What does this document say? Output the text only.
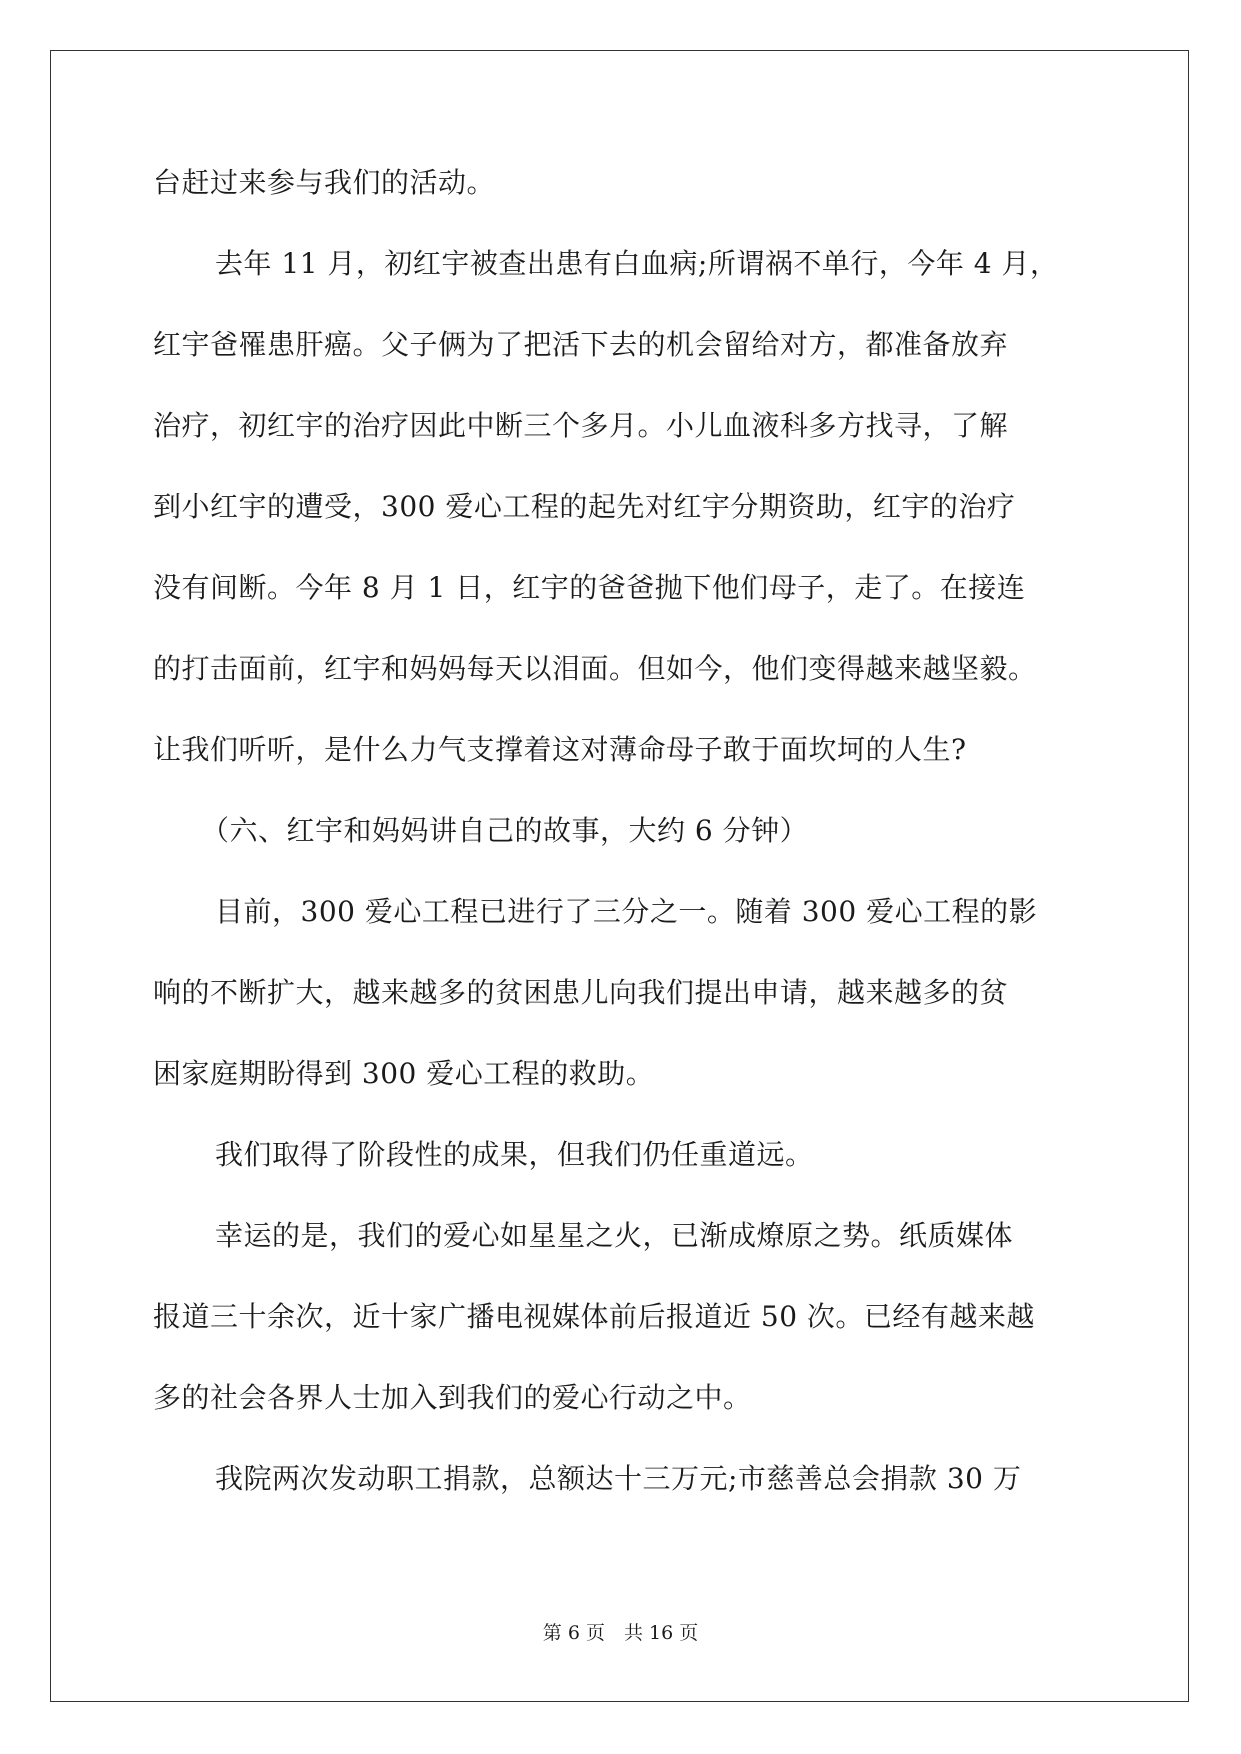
台赶过来参与我们的活动。
去年 11 月，初红宇被查出患有白血病;所谓祸不单行，今年 4 月，
红宇爸罹患肝癌。父子俩为了把活下去的机会留给对方，都准备放弃
治疗，初红宇的治疗因此中断三个多月。小儿血液科多方找寻，了解
到小红宇的遭受，300 爱心工程的起先对红宇分期资助，红宇的治疗
没有间断。今年 8 月 1 日，红宇的爸爸抛下他们母子，走了。在接连
的打击面前，红宇和妈妈每天以泪面。但如今，他们变得越来越坚毅。
让我们听听，是什么力气支撑着这对薄命母子敢于面坎坷的人生?
（六、红宇和妈妈讲自己的故事，大约 6 分钟）
目前，300 爱心工程已进行了三分之一。随着 300 爱心工程的影
响的不断扩大，越来越多的贫困患儿向我们提出申请，越来越多的贫
困家庭期盼得到 300 爱心工程的救助。
我们取得了阶段性的成果，但我们仍任重道远。
幸运的是，我们的爱心如星星之火，已渐成燎原之势。纸质媒体
报道三十余次，近十家广播电视媒体前后报道近 50 次。已经有越来越
多的社会各界人士加入到我们的爱心行动之中。
我院两次发动职工捐款，总额达十三万元;市慈善总会捐款 30 万
第 6 页　共 16 页
